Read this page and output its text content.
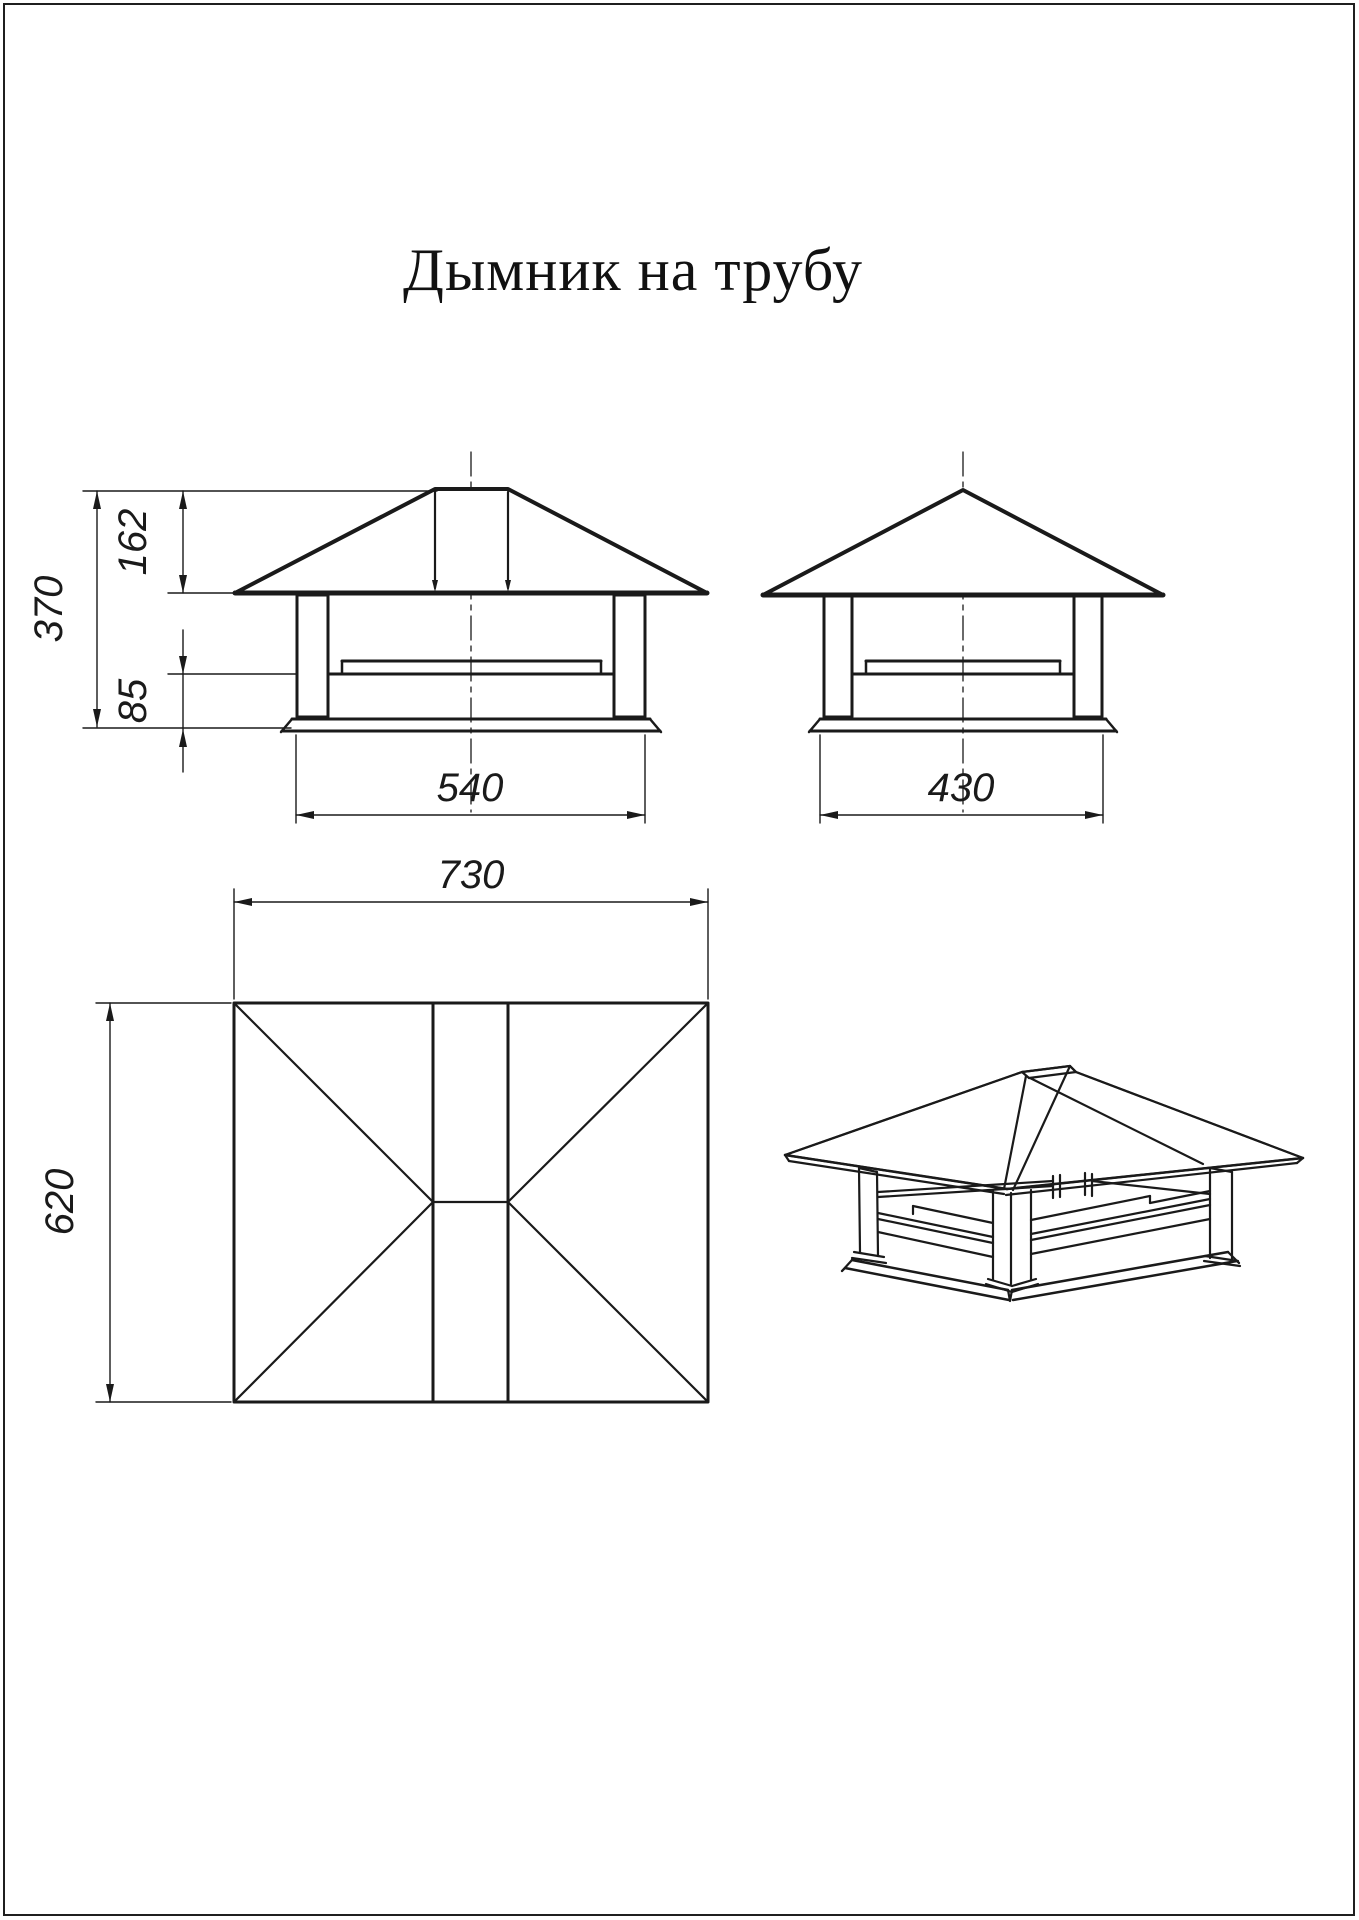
Дымник на трубу
370
162
85
540	430
730
620
